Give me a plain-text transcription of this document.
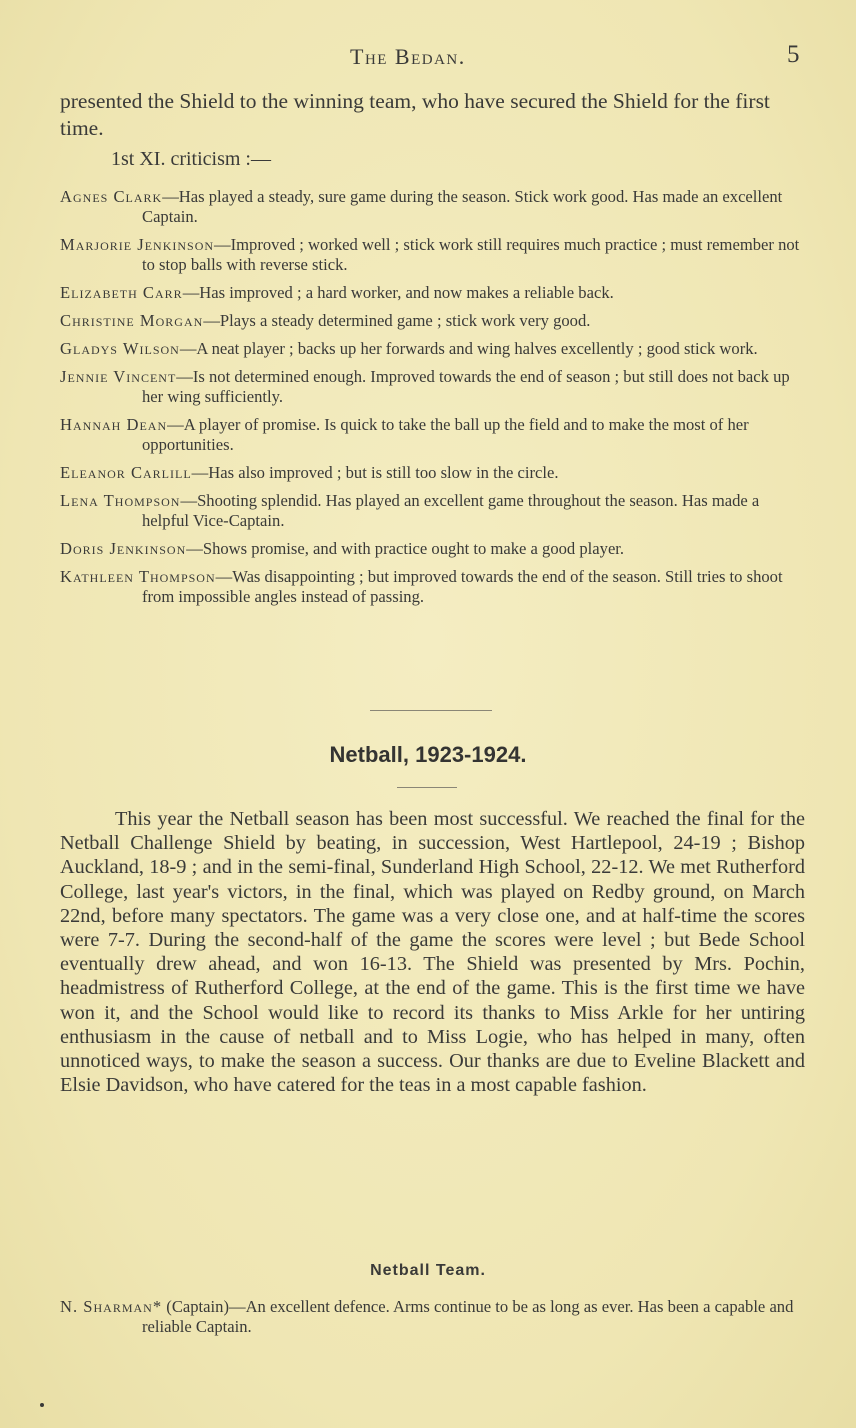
The Bedan.	5
presented the Shield to the winning team, who have secured the Shield for the first time.
1st XI. criticism :—
Agnes Clark—Has played a steady, sure game during the season. Stick work good. Has made an excellent Captain.
Marjorie Jenkinson—Improved ; worked well ; stick work still requires much practice ; must remember not to stop balls with reverse stick.
Elizabeth Carr—Has improved ; a hard worker, and now makes a reliable back.
Christine Morgan—Plays a steady determined game ; stick work very good.
Gladys Wilson—A neat player ; backs up her forwards and wing halves excellently ; good stick work.
Jennie Vincent—Is not determined enough. Improved towards the end of season ; but still does not back up her wing sufficiently.
Hannah Dean—A player of promise. Is quick to take the ball up the field and to make the most of her opportunities.
Eleanor Carlill—Has also improved ; but is still too slow in the circle.
Lena Thompson—Shooting splendid. Has played an excellent game throughout the season. Has made a helpful Vice-Captain.
Doris Jenkinson—Shows promise, and with practice ought to make a good player.
Kathleen Thompson—Was disappointing ; but improved towards the end of the season. Still tries to shoot from impossible angles instead of passing.
Netball, 1923-1924.
This year the Netball season has been most successful. We reached the final for the Netball Challenge Shield by beating, in succession, West Hartlepool, 24-19 ; Bishop Auckland, 18-9 ; and in the semi-final, Sunderland High School, 22-12. We met Rutherford College, last year's victors, in the final, which was played on Redby ground, on March 22nd, before many spectators. The game was a very close one, and at half-time the scores were 7-7. During the second-half of the game the scores were level ; but Bede School eventually drew ahead, and won 16-13. The Shield was presented by Mrs. Pochin, headmistress of Rutherford College, at the end of the game. This is the first time we have won it, and the School would like to record its thanks to Miss Arkle for her untiring enthusiasm in the cause of netball and to Miss Logie, who has helped in many, often unnoticed ways, to make the season a success. Our thanks are due to Eveline Blackett and Elsie Davidson, who have catered for the teas in a most capable fashion.
Netball Team.
N. Sharman* (Captain)—An excellent defence. Arms continue to be as long as ever. Has been a capable and reliable Captain.
